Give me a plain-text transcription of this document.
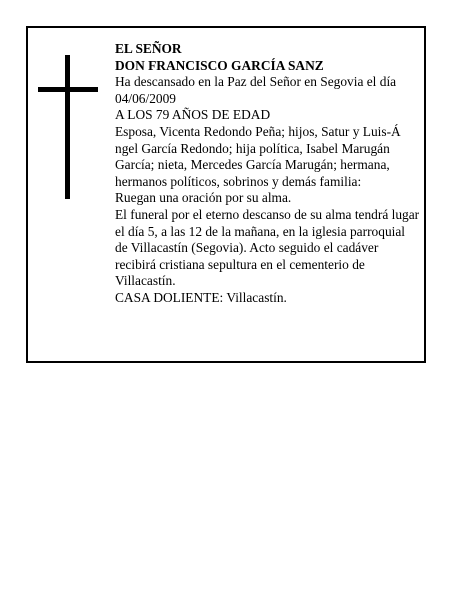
EL SEÑOR

DON FRANCISCO GARCÍA SANZ

Ha descansado en la Paz del Señor en Segovia el día 04/06/2009

A LOS 79 AÑOS DE EDAD

Esposa, Vicenta Redondo Peña; hijos, Satur y Luis-Á
ngel García Redondo; hija política, Isabel Marugán García; nieta, Mercedes García Marugán; hermana, hermanos políticos, sobrinos y demás familia:

Ruegan una oración por su alma.

El funeral por el eterno descanso de su alma tendrá lugar el día 5, a las 12 de la mañana, en la iglesia parroquial de Villacastín (Segovia). Acto seguido el cadáver recibirá cristiana sepultura en el cementerio de Villacastín.

CASA DOLIENTE: Villacastín.
